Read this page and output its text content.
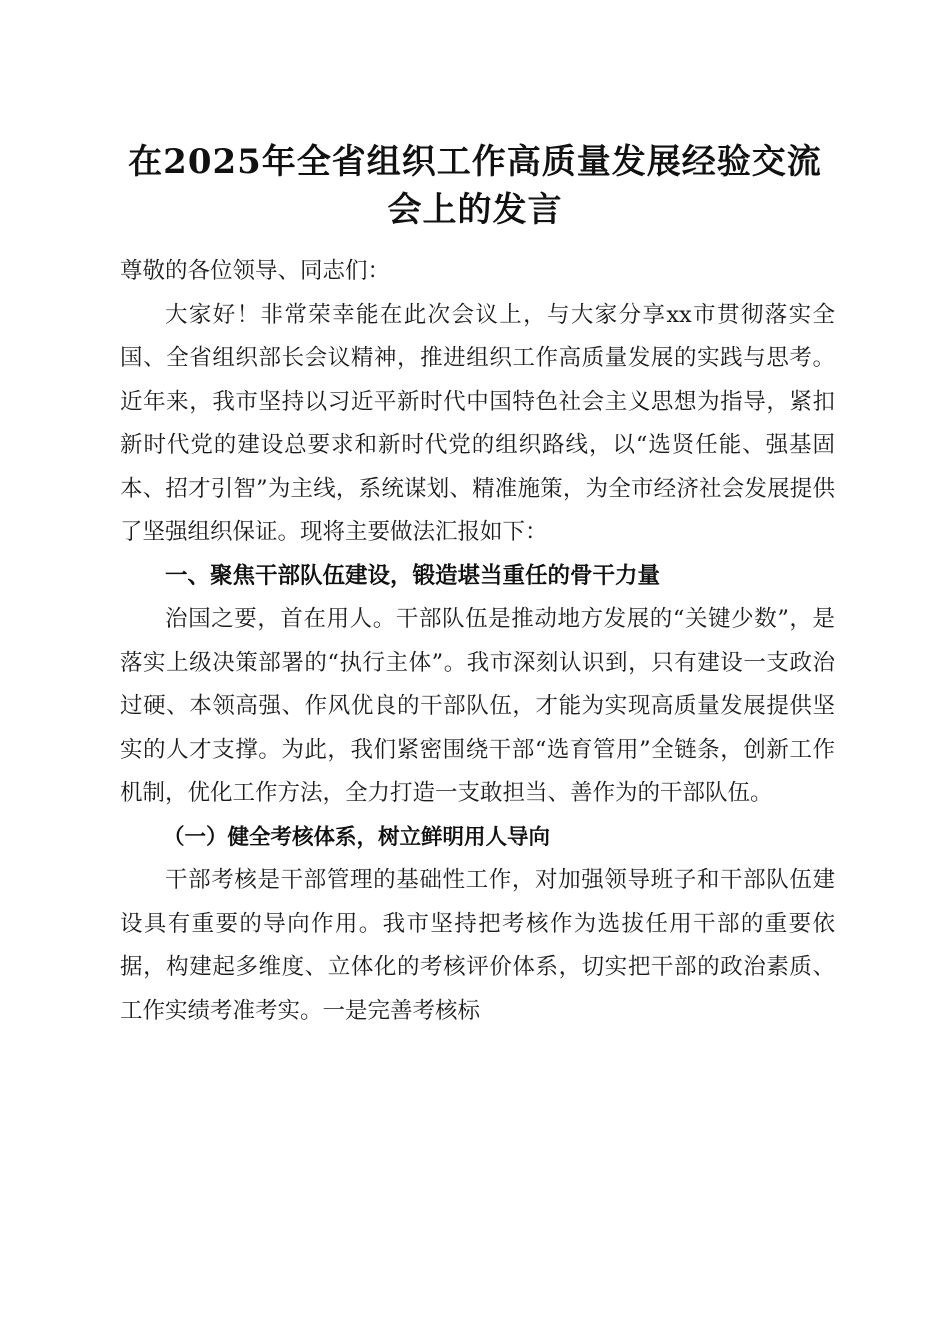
在2025年全省组织工作高质量发展经验交流
会上的发言

尊敬的各位领导、同志们：

大家好！非常荣幸能在此次会议上，与大家分享xx市贯彻落实全国、全省组织部长会议精神，推进组织工作高质量发展的实践与思考。近年来，我市坚持以习近平新时代中国特色社会主义思想为指导，紧扣新时代党的建设总要求和新时代党的组织路线，以“选贤任能、强基固本、招才引智”为主线，系统谋划、精准施策，为全市经济社会发展提供了坚强组织保证。现将主要做法汇报如下：

一、聚焦干部队伍建设，锻造堪当重任的骨干力量

治国之要，首在用人。干部队伍是推动地方发展的“关键少数”，是落实上级决策部署的“执行主体”。我市深刻认识到，只有建设一支政治过硬、本领高强、作风优良的干部队伍，才能为实现高质量发展提供坚实的人才支撑。为此，我们紧密围绕干部“选育管用”全链条，创新工作机制，优化工作方法，全力打造一支敢担当、善作为的干部队伍。

（一）健全考核体系，树立鲜明用人导向

干部考核是干部管理的基础性工作，对加强领导班子和干部队伍建设具有重要的导向作用。我市坚持把考核作为选拔任用干部的重要依据，构建起多维度、立体化的考核评价体系，切实把干部的政治素质、工作实绩考准考实。一是完善考核标
